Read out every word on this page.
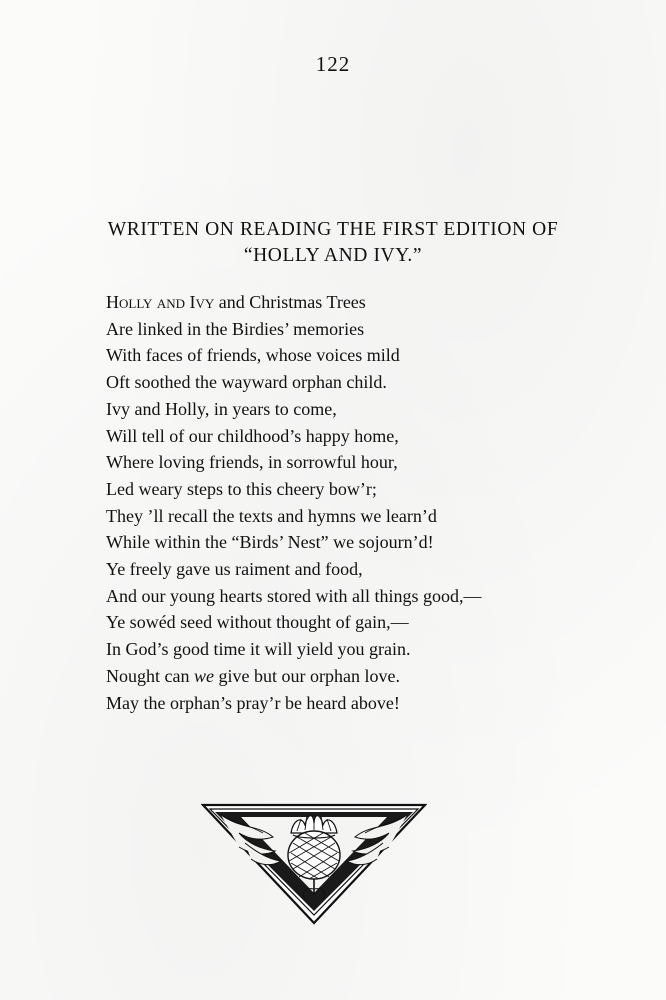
122
WRITTEN ON READING THE FIRST EDITION OF
“HOLLY AND IVY.”
Holly and Ivy and Christmas Trees
Are linked in the Birdies’ memories
With faces of friends, whose voices mild
Oft soothed the wayward orphan child.
Ivy and Holly, in years to come,
Will tell of our childhood’s happy home,
Where loving friends, in sorrowful hour,
Led weary steps to this cheery bow’r;
They ’ll recall the texts and hymns we learn’d
While within the “Birds’ Nest” we sojourn’d!
Ye freely gave us raiment and food,
And our young hearts stored with all things good,—
Ye sowéd seed without thought of gain,—
In God’s good time it will yield you grain.
Nought can we give but our orphan love.
May the orphan’s pray’r be heard above!
